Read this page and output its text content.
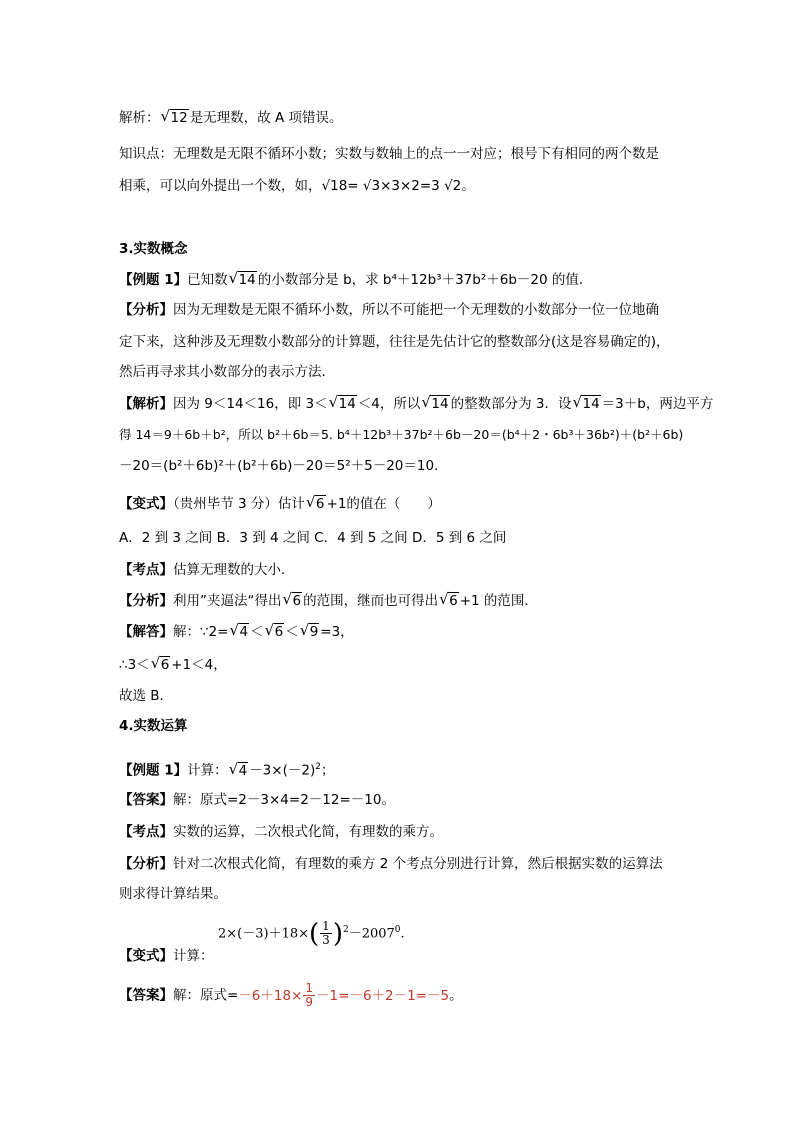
解析： √ 12 是无理数，故 A 项错误。
知识点：无理数是无限不循环小数；实数与数轴上的点一一对应；根号下有相同的两个数是
相乘，可以向外提出一个数，如，√18= √3×3×2=3 √2。
3.实数概念
【例题 1】已知数 √ 14 的小数部分是 b，求 b⁴＋12b³＋37b²＋6b－20 的值．
【分析】因为无理数是无限不循环小数，所以不可能把一个无理数的小数部分一位一位地确
定下来，这种涉及无理数小数部分的计算题，往往是先估计它的整数部分(这是容易确定的)，
然后再寻求其小数部分的表示方法．
【解析】因为 9＜14＜16，即 3＜ √ 14 ＜4，所以 √ 14 的整数部分为 3．设 √ 14 ＝3＋b，两边平方
得 14＝9＋6b＋b²，所以 b²＋6b＝5. b⁴＋12b³＋37b²＋6b－20＝(b⁴＋2・6b³＋36b²)＋(b²＋6b)
－20＝(b²＋6b)²＋(b²＋6b)－20＝5²＋5－20＝10.
【变式】（贵州毕节 3 分）估计 √ 6 +1的值在（　　）
A．2 到 3 之间 B．3 到 4 之间 C．4 到 5 之间 D．5 到 6 之间
【考点】估算无理数的大小．
【分析】利用”夹逼法“得出 √ 6 的范围，继而也可得出 √ 6 +1 的范围．
【解答】解：∵2= √ 4 ＜ √ 6 ＜ √ 9 =3，
∴3＜ √ 6 +1＜4，
故选 B．
4.实数运算
【例题 1】计算： √ $4 -3\times(-2)^2$；
【答案】解：原式=2－3×4=2－12=－10。
【考点】实数的运算，二次根式化简，有理数的乘方。
【分析】针对二次根式化简，有理数的乘方 2 个考点分别进行计算，然后根据实数的运算法
则求得计算结果。
$2\times(-3)+18\times( \frac{1}{3} )^2-2007^0$.
【变式】计算：
【答案】解：原式$=-6+18\times \frac{1}{9} -1=-6+2-1=-5$。
